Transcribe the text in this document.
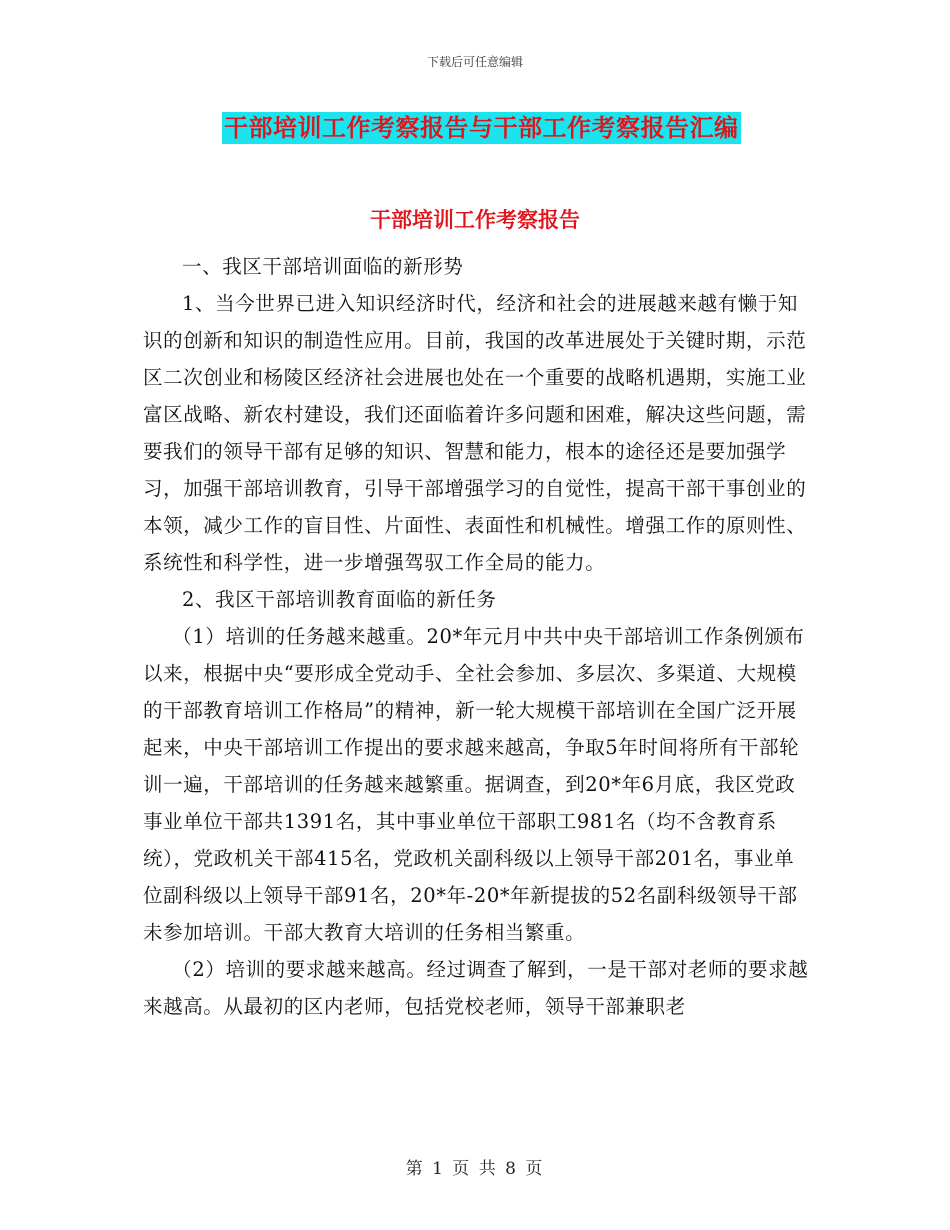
下载后可任意编辑
干部培训工作考察报告与干部工作考察报告汇编
干部培训工作考察报告

一、我区干部培训面临的新形势

1、当今世界已进入知识经济时代，经济和社会的进展越来越有懒于知识的创新和知识的制造性应用。目前，我国的改革进展处于关键时期，示范区二次创业和杨陵区经济社会进展也处在一个重要的战略机遇期，实施工业富区战略、新农村建设，我们还面临着许多问题和困难，解决这些问题，需要我们的领导干部有足够的知识、智慧和能力，根本的途径还是要加强学习，加强干部培训教育，引导干部增强学习的自觉性，提高干部干事创业的本领，减少工作的盲目性、片面性、表面性和机械性。增强工作的原则性、系统性和科学性，进一步增强驾驭工作全局的能力。

2、我区干部培训教育面临的新任务

（1）培训的任务越来越重。20*年元月中共中央干部培训工作条例颁布以来，根据中央“要形成全党动手、全社会参加、多层次、多渠道、大规模的干部教育培训工作格局”的精神，新一轮大规模干部培训在全国广泛开展起来，中央干部培训工作提出的要求越来越高，争取5年时间将所有干部轮训一遍，干部培训的任务越来越繁重。据调查，到20*年6月底，我区党政事业单位干部共1391名，其中事业单位干部职工981名（均不含教育系统），党政机关干部415名，党政机关副科级以上领导干部201名，事业单位副科级以上领导干部91名，20*年-20*年新提拔的52名副科级领导干部未参加培训。干部大教育大培训的任务相当繁重。

（2）培训的要求越来越高。经过调查了解到，一是干部对老师的要求越来越高。从最初的区内老师，包括党校老师，领导干部兼职老

第 1 页 共 8 页
